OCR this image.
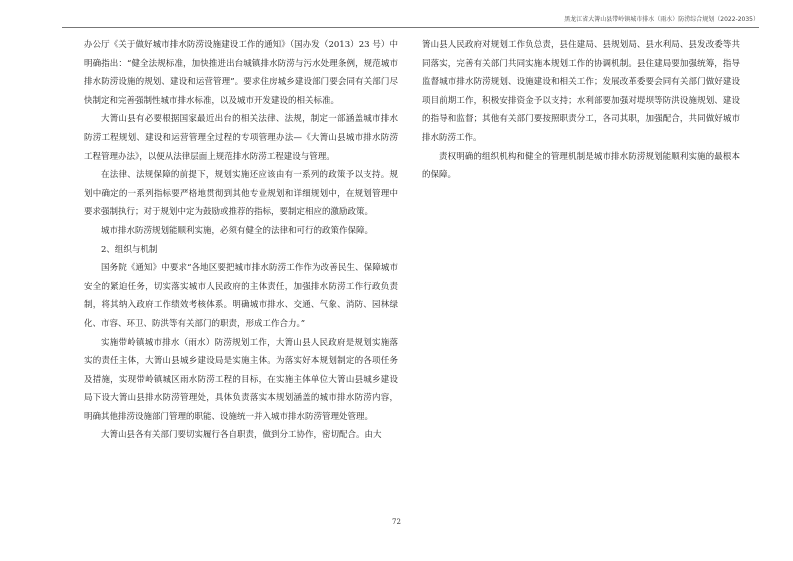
黑龙江省大箐山县带岭镇城市排水（雨水）防涝综合规划（2022-2035）

办公厅《关于做好城市排水防涝设施建设工作的通知》（国办发（2013）23 号）中明确指出：“健全法规标准，加快推进出台城镇排水防涝与污水处理条例，规范城市排水防涝设施的规划、建设和运营管理”。要求住房城乡建设部门要会同有关部门尽快制定和完善强制性城市排水标准，以及城市开发建设的相关标准。

大箐山县有必要根据国家最近出台的相关法律、法规，制定一部涵盖城市排水防涝工程规划、建设和运营管理全过程的专项管理办法—《大箐山县城市排水防涝工程管理办法》，以便从法律层面上规范排水防涝工程建设与管理。

在法律、法规保障的前提下，规划实施还应该由有一系列的政策予以支持。规划中确定的一系列指标要严格地贯彻到其他专业规划和详细规划中，在规划管理中要求强制执行；对于规划中定为鼓励或推荐的指标，要制定相应的激励政策。

城市排水防涝规划能顺利实施，必须有健全的法律和可行的政策作保障。

2、组织与机制

国务院《通知》中要求“各地区要把城市排水防涝工作作为改善民生、保障城市安全的紧迫任务，切实落实城市人民政府的主体责任，加强排水防涝工作行政负责制，将其纳入政府工作绩效考核体系。明确城市排水、交通、气象、消防、园林绿化、市容、环卫、防洪等有关部门的职责，形成工作合力。”

实施带岭镇城市排水（雨水）防涝规划工作，大箐山县人民政府是规划实施落实的责任主体，大箐山县城乡建设局是实施主体。为落实好本规划制定的各项任务及措施，实现带岭镇城区雨水防涝工程的目标，在实施主体单位大箐山县城乡建设局下设大箐山县排水防涝管理处，具体负责落实本规划涵盖的城市排水防涝内容，明确其他排涝设施部门管理的职能、设施统一并入城市排水防涝管理处管理。

大箐山县各有关部门要切实履行各自职责，做到分工协作，密切配合。由大

箐山县人民政府对规划工作负总责，县住建局、县规划局、县水利局、县发改委等共同落实，完善有关部门共同实施本规划工作的协调机制。县住建局要加强统筹，指导监督城市排水防涝规划、设施建设和相关工作；发展改革委要会同有关部门做好建设项目前期工作，积极安排资金予以支持；水利部要加强对堤坝等防洪设施规划、建设的指导和监督；其他有关部门要按照职责分工，各司其职，加强配合，共同做好城市排水防涝工作。

责权明确的组织机构和健全的管理机制是城市排水防涝规划能顺利实施的最根本的保障。

72
